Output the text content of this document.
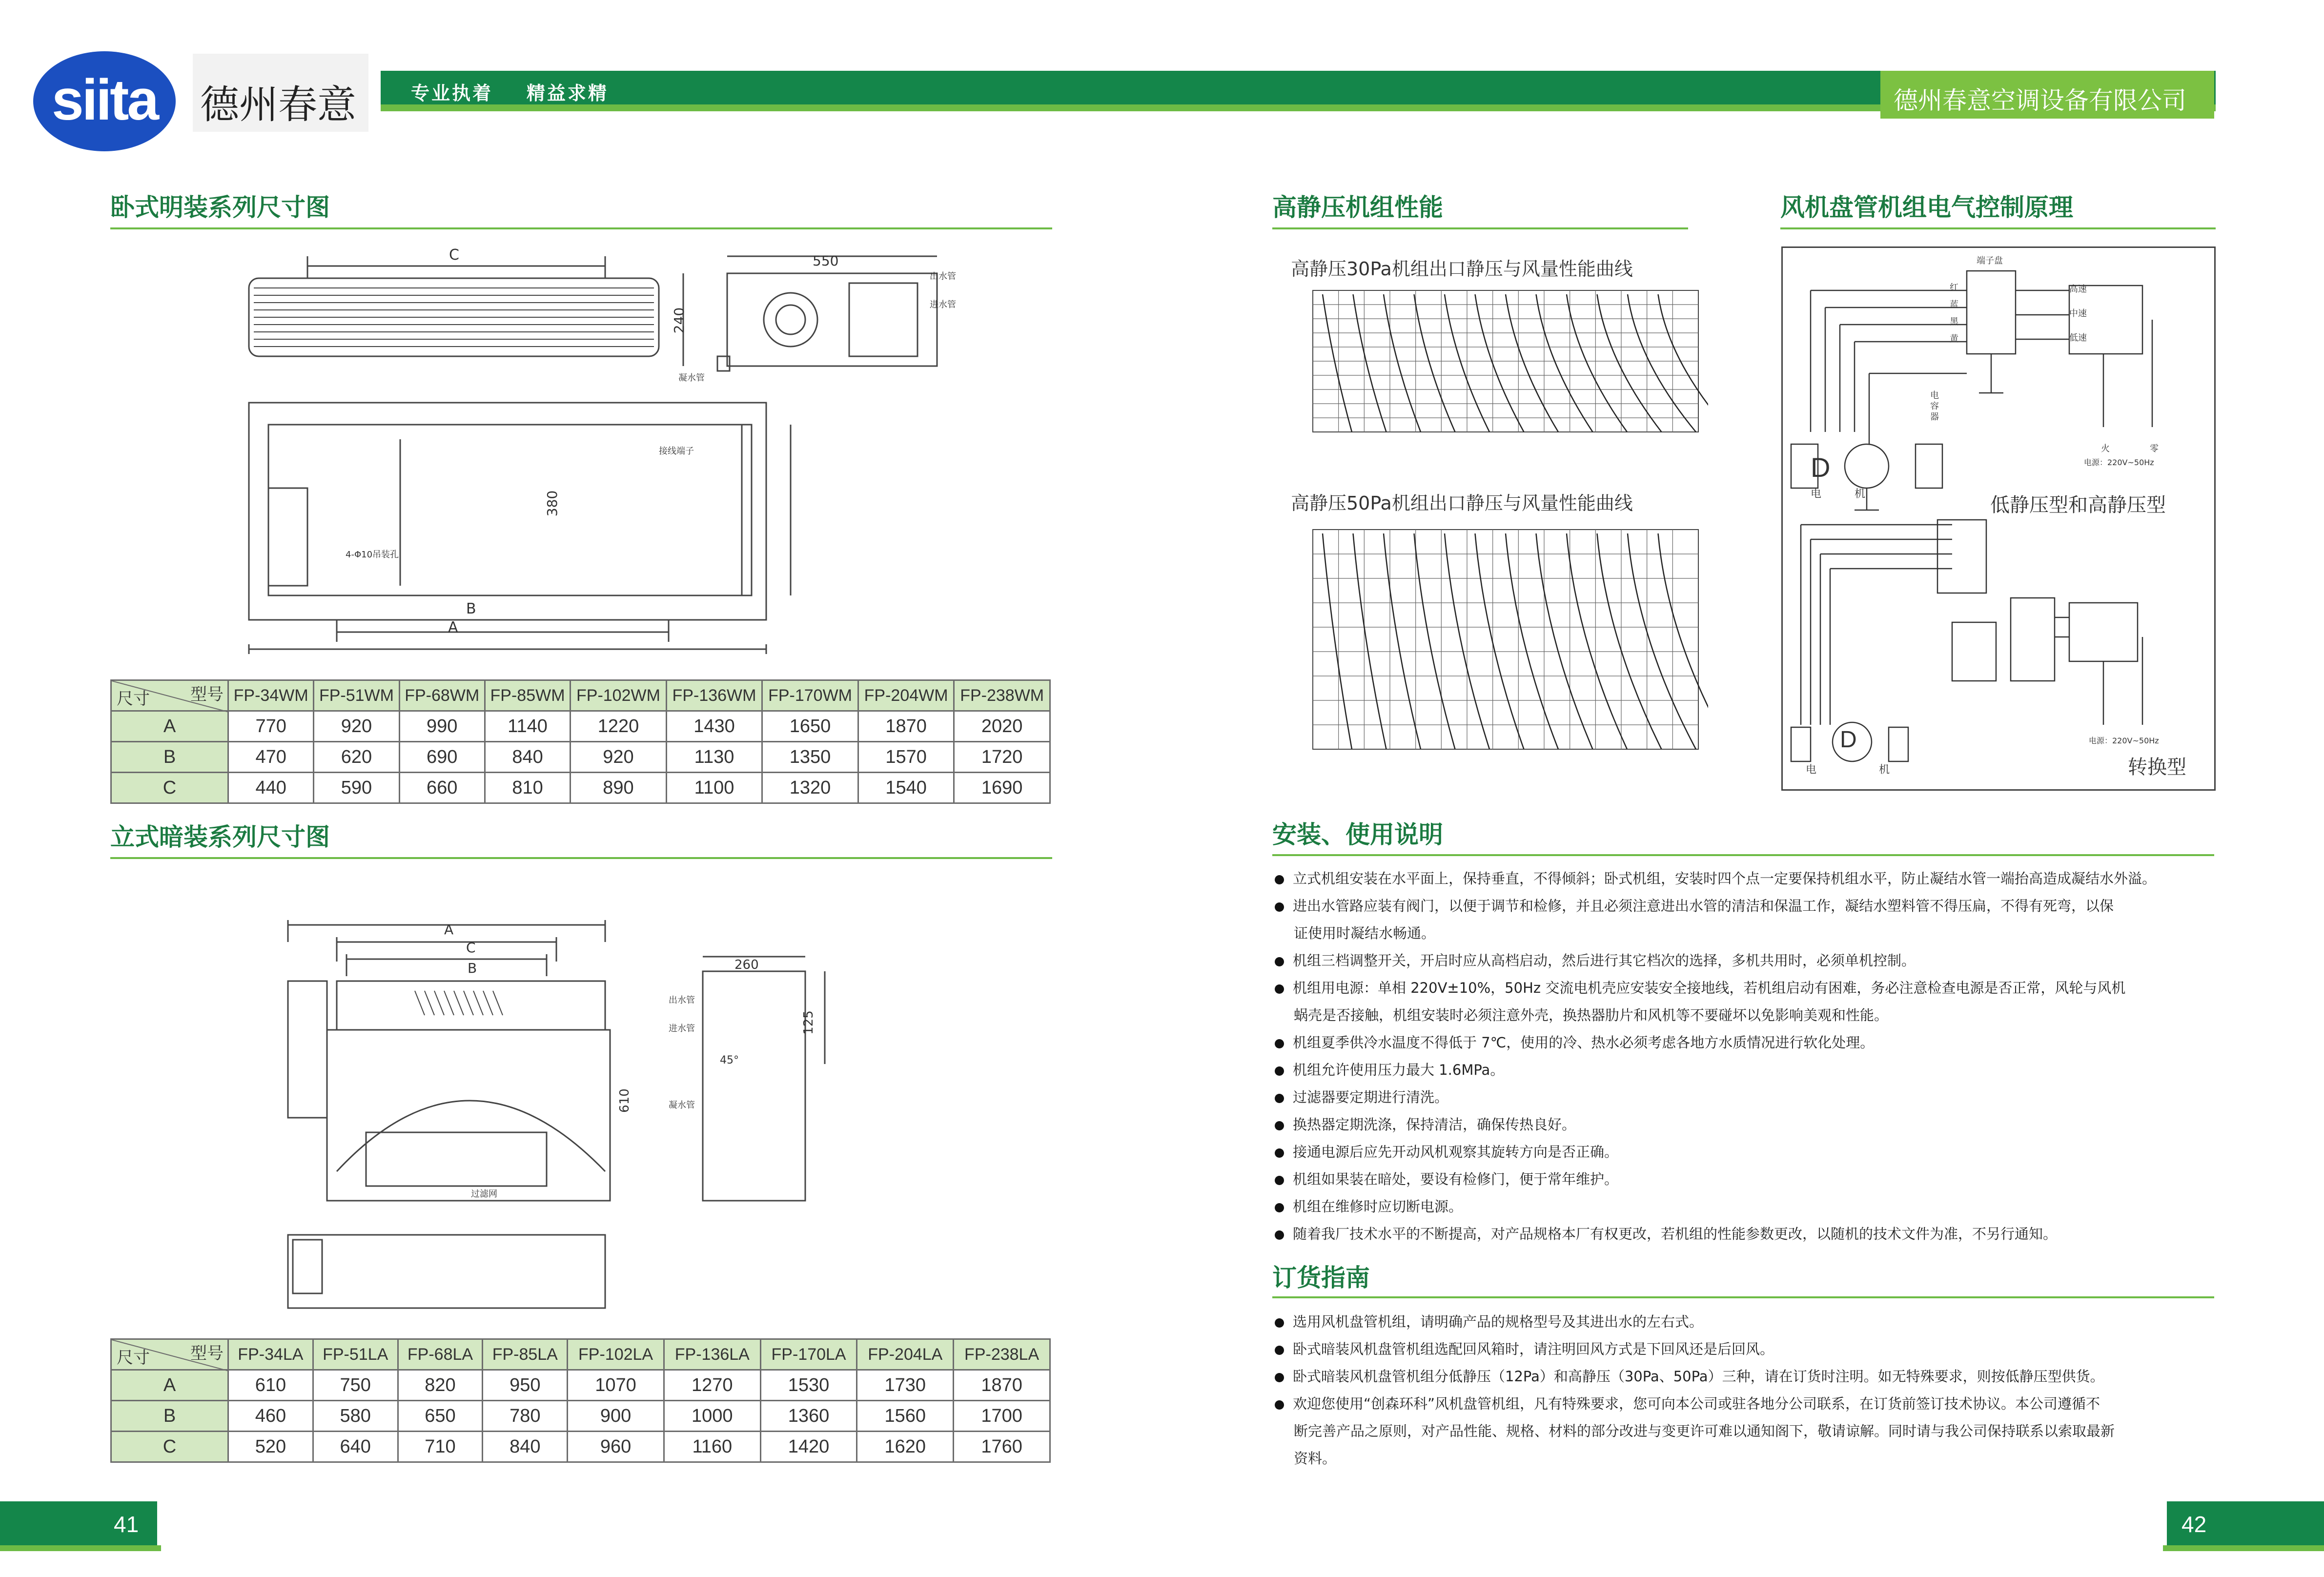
siita	德州春意	专业执着    精益求精	德州春意空调设备有限公司
卧式明装系列尺寸图
C	550
240
出水管
进水管
凝水管
接线端子
380
4-Φ10吊装孔
B
A
型号
尺寸	FP-34WM	FP-51WM	FP-68WM	FP-85WM	FP-102WM	FP-136WM	FP-170WM	FP-204WM	FP-238WM
A	770	920	990	1140	1220	1430	1650	1870	2020
B	470	620	690	840	920	1130	1350	1570	1720
C	440	590	660	810	890	1100	1320	1540	1690
立式暗装系列尺寸图
A
C
B	260
125
610
45°
出水管
进水管
凝水管
过滤网
型号
尺寸	FP-34LA	FP-51LA	FP-68LA	FP-85LA	FP-102LA	FP-136LA	FP-170LA	FP-204LA	FP-238LA
A	610	750	820	950	1070	1270	1530	1730	1870
B	460	580	650	780	900	1000	1360	1560	1700
C	520	640	710	840	960	1160	1420	1620	1760
41
高静压机组性能	风机盘管机组电气控制原理
高静压30Pa机组出口静压与风量性能曲线
高静压50Pa机组出口静压与风量性能曲线
D
D
端子盘
高速
中速
低速
红
蓝
黑
黄
电容器
电	机
火	零
电源：220V~50Hz
低静压型和高静压型
电	机
电源：220V~50Hz
转换型
安装、使用说明
立式机组安装在水平面上，保持垂直，不得倾斜；卧式机组，安装时四个点一定要保持机组水平，防止凝结水管一端抬高造成凝结水外溢。
进出水管路应装有阀门，以便于调节和检修，并且必须注意进出水管的清洁和保温工作，凝结水塑料管不得压扁，不得有死弯，以保
证使用时凝结水畅通。
机组三档调整开关，开启时应从高档启动，然后进行其它档次的选择，多机共用时，必须单机控制。
机组用电源：单相 220V±10%，50Hz 交流电机壳应安装安全接地线，若机组启动有困难，务必注意检查电源是否正常，风轮与风机
蜗壳是否接触，机组安装时必须注意外壳，换热器肋片和风机等不要碰坏以免影响美观和性能。
机组夏季供冷水温度不得低于 7℃，使用的冷、热水必须考虑各地方水质情况进行软化处理。
机组允许使用压力最大 1.6MPa。
过滤器要定期进行清洗。
换热器定期洗涤，保持清洁，确保传热良好。
接通电源后应先开动风机观察其旋转方向是否正确。
机组如果装在暗处，要设有检修门，便于常年维护。
机组在维修时应切断电源。
随着我厂技术水平的不断提高，对产品规格本厂有权更改，若机组的性能参数更改，以随机的技术文件为准，不另行通知。
订货指南
选用风机盘管机组，请明确产品的规格型号及其进出水的左右式。
卧式暗装风机盘管机组选配回风箱时，请注明回风方式是下回风还是后回风。
卧式暗装风机盘管机组分低静压（12Pa）和高静压（30Pa、50Pa）三种，请在订货时注明。如无特殊要求，则按低静压型供货。
欢迎您使用“创森环科”风机盘管机组，凡有特殊要求，您可向本公司或驻各地分公司联系，在订货前签订技术协议。本公司遵循不
断完善产品之原则，对产品性能、规格、材料的部分改进与变更许可难以通知阁下，敬请谅解。同时请与我公司保持联系以索取最新
资料。
42
